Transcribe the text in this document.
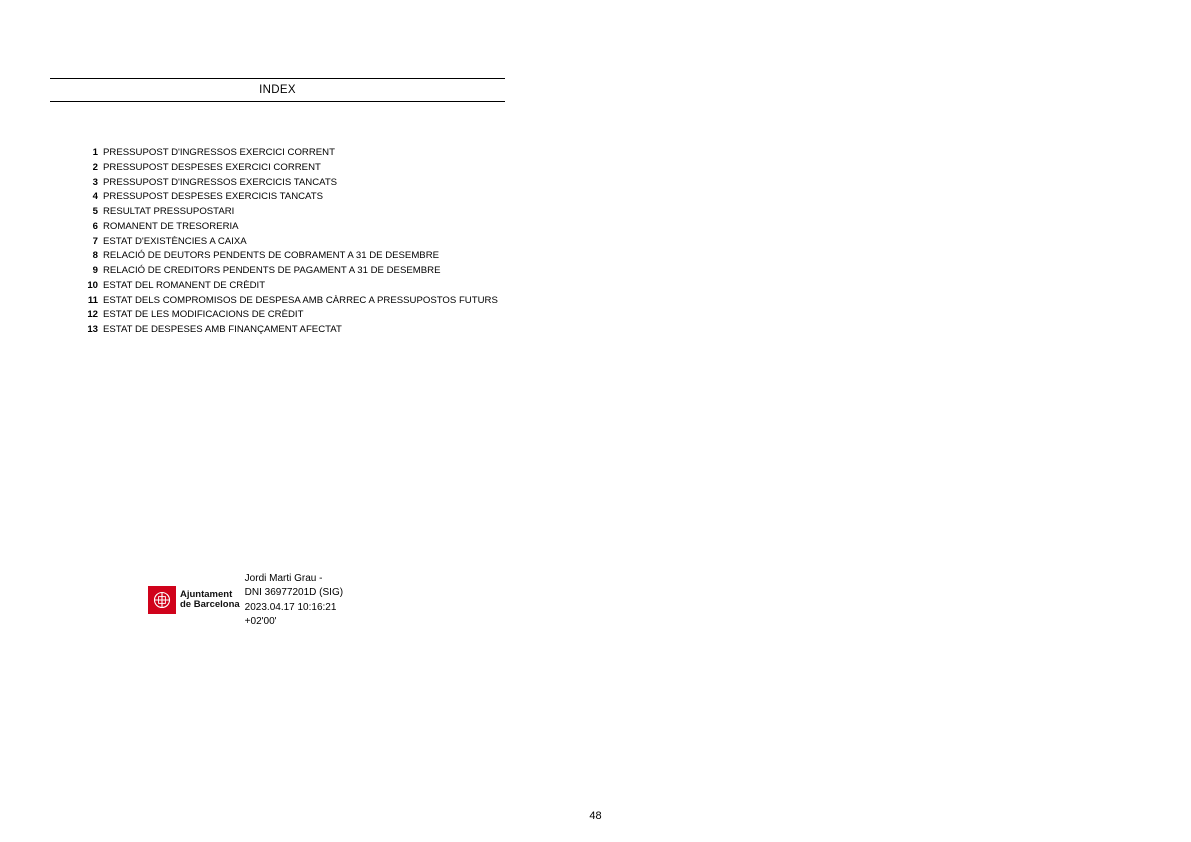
INDEX
1 PRESSUPOST D'INGRESSOS EXERCICI CORRENT
2 PRESSUPOST DESPESES EXERCICI CORRENT
3 PRESSUPOST D'INGRESSOS EXERCICIS TANCATS
4 PRESSUPOST DESPESES EXERCICIS TANCATS
5 RESULTAT PRESSUPOSTARI
6 ROMANENT DE TRESORERIA
7 ESTAT D'EXISTÈNCIES A CAIXA
8 RELACIÓ DE DEUTORS PENDENTS DE COBRAMENT A 31 DE DESEMBRE
9 RELACIÓ DE CREDITORS PENDENTS DE PAGAMENT A 31 DE DESEMBRE
10 ESTAT DEL ROMANENT DE CRÈDIT
11 ESTAT DELS COMPROMISOS DE DESPESA AMB CÀRREC A PRESSUPOSTOS FUTURS
12 ESTAT DE LES MODIFICACIONS DE CRÈDIT
13 ESTAT DE DESPESES AMB FINANÇAMENT AFECTAT
Ajuntament
de Barcelona
Jordi Marti Grau -
DNI 36977201D (SIG)
2023.04.17 10:16:21
+02'00'
48
